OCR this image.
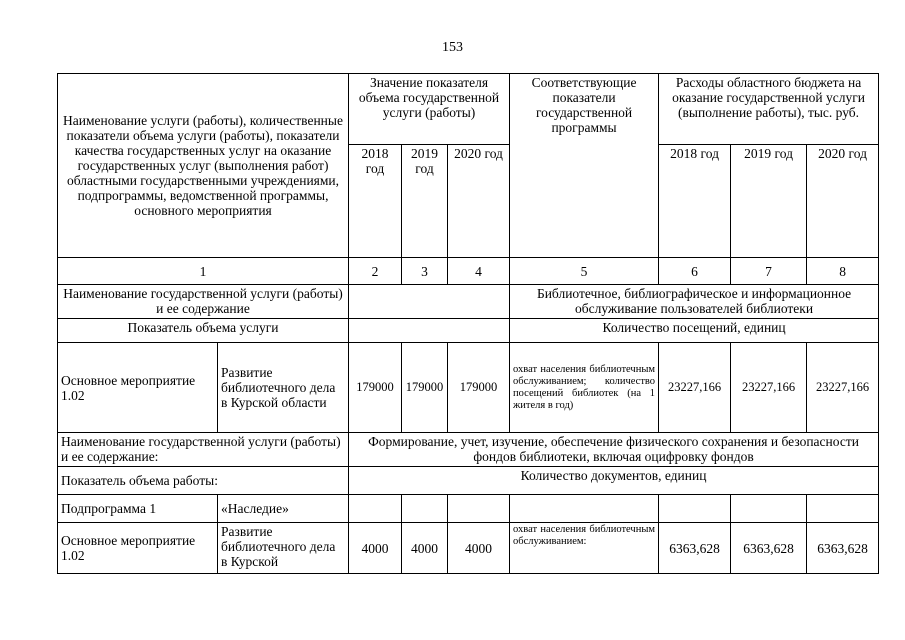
153
Наименование услуги (работы), количественные показатели объема услуги (работы), показатели качества государственных услуг на оказание государственных услуг (выполнения работ) областными государственными учреждениями, подпрограммы, ведомственной программы, основного мероприятия		Значение показателя объема государственной услуги (работы)			Соответствующие показатели государственной программы	Расходы областного бюджета на оказание государственной услуги (выполнение работы), тыс. руб.		
		2018 год	2019 год	2020 год		2018 год	2019 год	2020 год
1		2	3	4	5	6	7	8
Наименование государственной услуги (работы) и ее содержание					Библиотечное, библиографическое и информационное обслуживание пользователей библиотеки			
Показатель объема услуги					Количество посещений, единиц			
Основное мероприятие 1.02	Развитие библиотечного дела в Курской области	179000	179000	179000	охват населения библиотечным обслуживанием; количество посещений библиотек (на 1 жителя в год)	23227,166	23227,166	23227,166
Наименование государственной услуги (работы) и ее содержание:		Формирование, учет, изучение, обеспечение физического сохранения и безопасности фондов библиотеки, включая оцифровку фондов						
Показатель объема работы:		Количество документов, единиц						
Подпрограмма 1	«Наследие»							
Основное мероприятие 1.02	Развитие библиотечного дела в Курской	4000	4000	4000	охват населения библиотечным обслуживанием:	6363,628	6363,628	6363,628
